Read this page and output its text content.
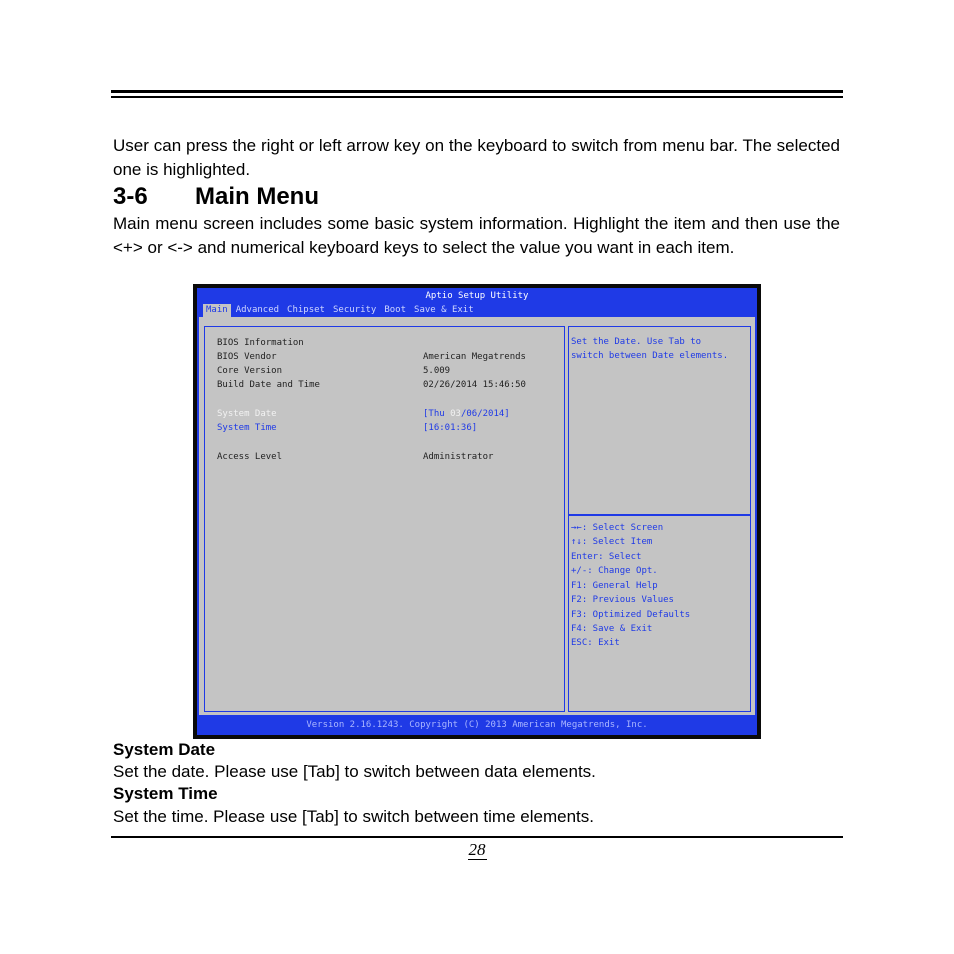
User can press the right or left arrow key on the keyboard to switch from menu bar. The selected one is highlighted.

3-6 Main Menu

Main menu screen includes some basic system information. Highlight the item and then use the <+> or <-> and numerical keyboard keys to select the value you want in each item.

Aptio Setup Utility
Main Advanced Chipset Security Boot Save & Exit
BIOS Information
BIOS Vendor	American Megatrends
Core Version	5.009
Build Date and Time	02/26/2014 15:46:50
System Date	[Thu 03/06/2014]
System Time	[16:01:36]
Access Level	Administrator
Set the Date. Use Tab to
switch between Date elements.
→←: Select Screen
↑↓: Select Item
Enter: Select
+/-: Change Opt.
F1: General Help
F2: Previous Values
F3: Optimized Defaults
F4: Save & Exit
ESC: Exit
Version 2.16.1243. Copyright (C) 2013 American Megatrends, Inc.

System Date

Set the date. Please use [Tab] to switch between data elements.

System Time

Set the time. Please use [Tab] to switch between time elements.

28
